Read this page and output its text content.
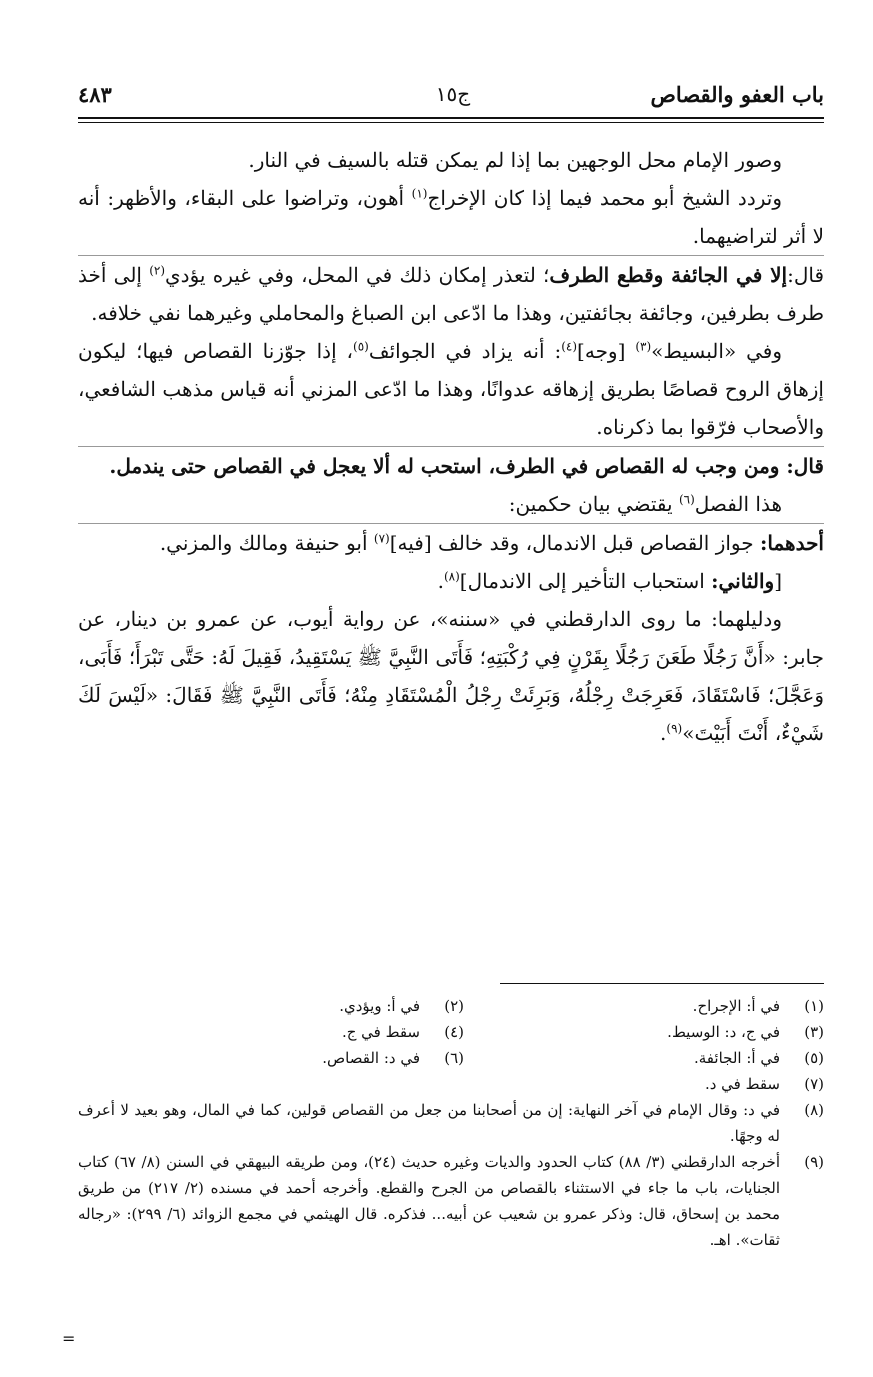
باب العفو والقصاص
ج١٥
٤٨٣

وصور الإمام محل الوجهين بما إذا لم يمكن قتله بالسيف في النار.

وتردد الشيخ أبو محمد فيما إذا كان الإخراج$^{(١)}$ أهون، وتراضوا على البقاء، والأظهر: أنه لا أثر لتراضيهما.

قال:إلا في الجائفة وقطع الطرف؛ لتعذر إمكان ذلك في المحل، وفي غيره يؤدي$^{(٢)}$ إلى أخذ طرف بطرفين، وجائفة بجائفتين، وهذا ما ادّعى ابن الصباغ والمحاملي وغيرهما نفي خلافه.

وفي «البسيط»$^{(٣)}$ [وجه]$^{(٤)}$: أنه يزاد في الجوائف$^{(٥)}$، إذا جوّزنا القصاص فيها؛ ليكون إزهاق الروح قصاصًا بطريق إزهاقه عدوانًا، وهذا ما ادّعى المزني أنه قياس مذهب الشافعي، والأصحاب فرّقوا بما ذكرناه.

قال: ومن وجب له القصاص في الطرف، استحب له ألا يعجل في القصاص حتى يندمل.

هذا الفصل$^{(٦)}$ يقتضي بيان حكمين:

أحدهما: جواز القصاص قبل الاندمال، وقد خالف [فيه]$^{(٧)}$ أبو حنيفة ومالك والمزني.

[والثاني: استحباب التأخير إلى الاندمال]$^{(٨)}$.

ودليلهما: ما روى الدارقطني في «سننه»، عن رواية أيوب، عن عمرو بن دينار، عن جابر: «أَنَّ رَجُلًا طَعَنَ رَجُلًا بِقَرْنٍ فِي رُكْبَتِهِ؛ فَأَتَى النَّبِيَّ ﷺ يَسْتَقِيدُ، فَقِيلَ لَهُ: حَتَّى تَبْرَأَ؛ فَأَبَى، وَعَجَّلَ؛ فَاسْتَقَادَ، فَعَرِجَتْ رِجْلُهُ، وَبَرِئَتْ رِجْلُ الْمُسْتَقَادِ مِنْهُ؛ فَأَتَى النَّبِيَّ ﷺ فَقَالَ: «لَيْسَ لَكَ شَيْءٌ، أَنْتَ أَبَيْتَ»$^{(٩)}$.

(١)في أ: الإجراح.
(٢)في أ: ويؤدي.
(٣)في ج، د: الوسيط.
(٤)سقط في ج.
(٥)في أ: الجائفة.
(٦)في د: القصاص.
(٧)سقط في د.
(٨)
في د: وقال الإمام في آخر النهاية: إن من أصحابنا من جعل من القصاص قولين، كما في المال، وهو بعيد لا أعرف له وجهًا.
(٩)
أخرجه الدارقطني (٣/ ٨٨) كتاب الحدود والديات وغيره حديث (٢٤)، ومن طريقه البيهقي في السنن (٨/ ٦٧) كتاب الجنايات، باب ما جاء في الاستثناء بالقصاص من الجرح والقطع. وأخرجه أحمد في مسنده (٢/ ٢١٧) من طريق محمد بن إسحاق، قال: وذكر عمرو بن شعيب عن أبيه... فذكره. قال الهيثمي في مجمع الزوائد (٦/ ٢٩٩): «رجاله ثقات». اهـ.
=
